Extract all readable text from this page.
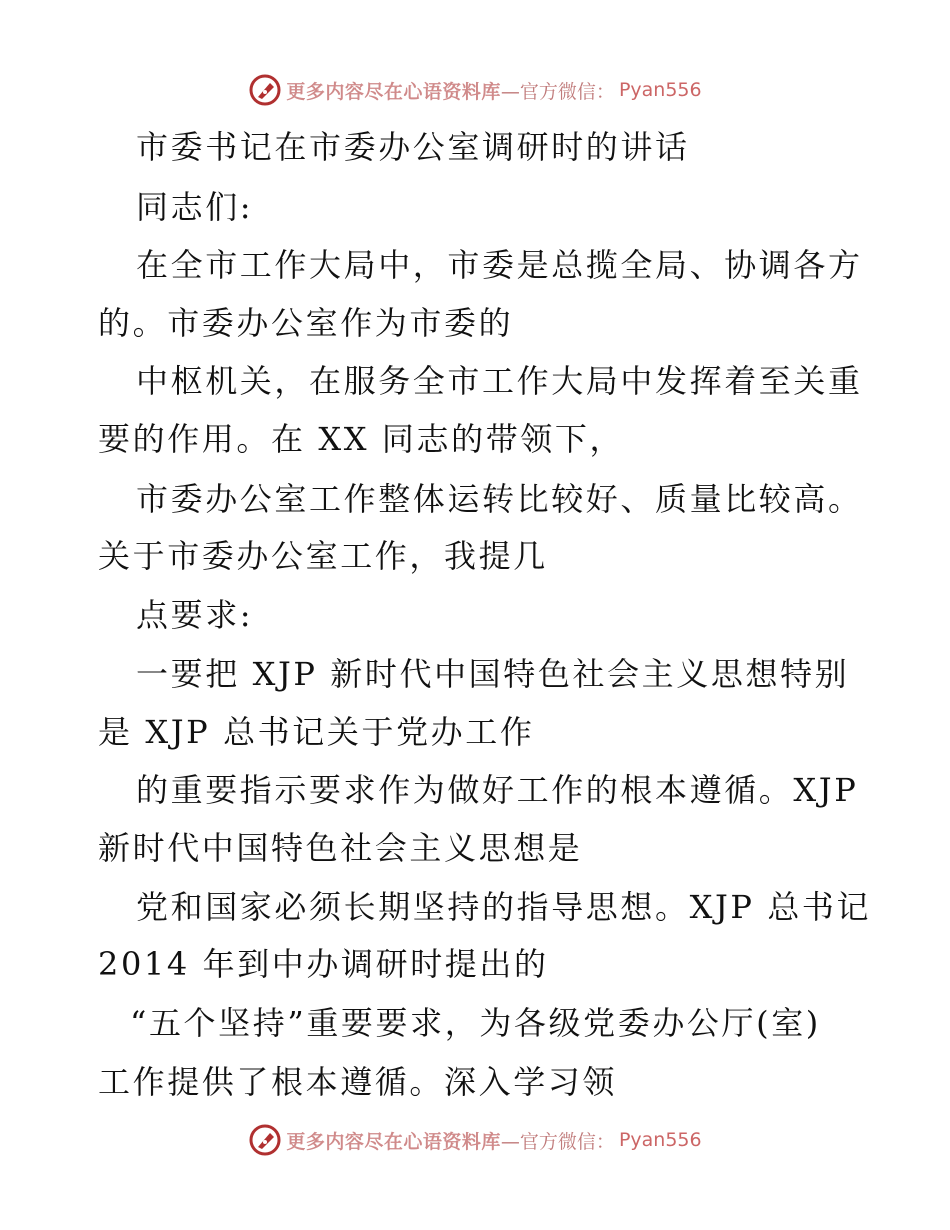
更多内容尽在心语资料库 —官方微信： Pyan556
市委书记在市委办公室调研时的讲话
同志们:
在全市工作大局中，市委是总揽全局、协调各方
的。市委办公室作为市委的
中枢机关，在服务全市工作大局中发挥着至关重
要的作用。在 XX 同志的带领下，
市委办公室工作整体运转比较好、质量比较高。
关于市委办公室工作，我提几
点要求:
一要把 XJP 新时代中国特色社会主义思想特别
是 XJP 总书记关于党办工作
的重要指示要求作为做好工作的根本遵循。XJP
新时代中国特色社会主义思想是
党和国家必须长期坚持的指导思想。XJP 总书记
2014 年到中办调研时提出的
“五个坚持”重要要求，为各级党委办公厅(室)
工作提供了根本遵循。深入学习领
更多内容尽在心语资料库 —官方微信： Pyan556
